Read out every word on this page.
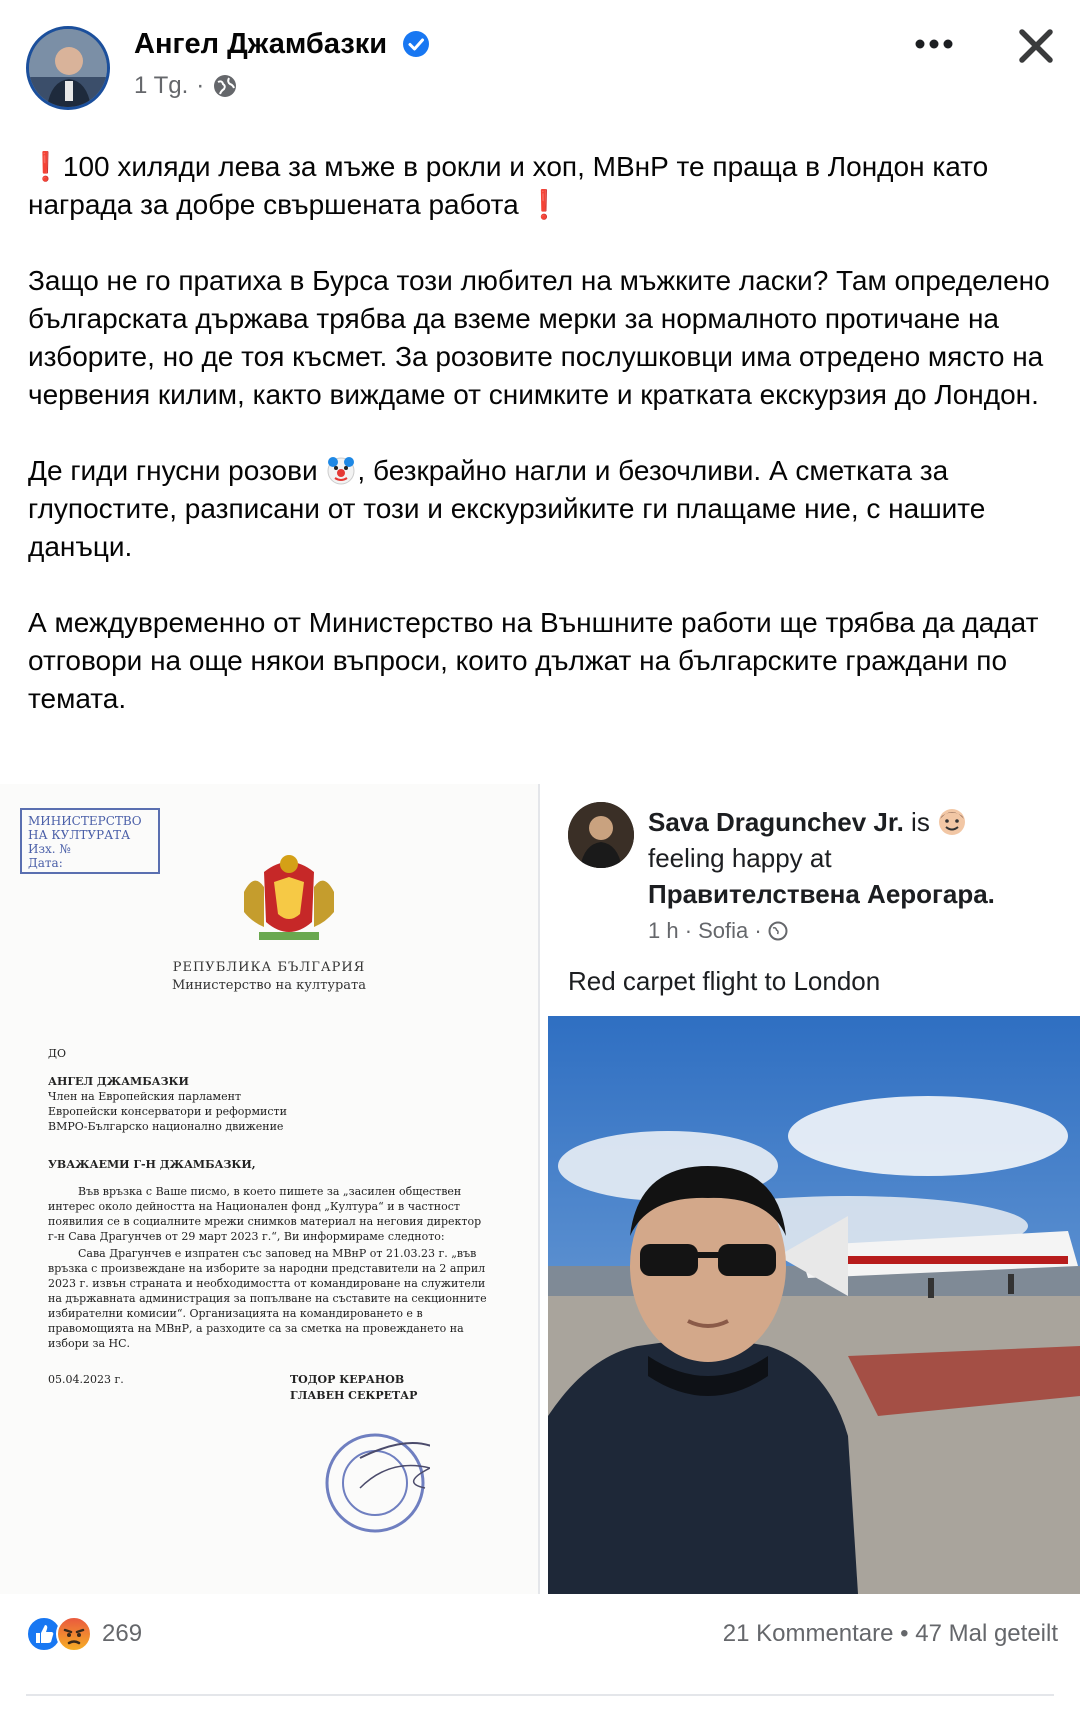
Ангел Джамбазки
1 Tg. ·

❗100 хиляди лева за мъже в рокли и хоп, МВнР те праща в Лондон като награда за добре свършената работа ❗

Защо не го пратиха в Бурса този любител на мъжките ласки? Там определено българската държава трябва да вземе мерки за нормалното протичане на изборите, но де тоя късмет. За розовите послушковци има отредено място на червения килим, както виждаме от снимките и кратката екскурзия до Лондон.

Де гиди гнусни розови , безкрайно нагли и безочливи. А сметката за глупостите, разписани от този и екскурзийките ги плащаме ние, с нашите данъци.

А междувременно от Министерство на Външните работи ще трябва да дадат отговори на още някои въпроси, които дължат на българските граждани по темата.

МИНИСТЕРСТВО
НА КУЛТУРАТА
Изх. №
Дата:
РЕПУБЛИКА БЪЛГАРИЯ
Министерство на културата
ДО
АНГЕЛ ДЖАМБАЗКИ
Член на Европейския парламент
Европейски консерватори и реформисти
ВМРО-Българско национално движение
УВАЖАЕМИ Г-Н ДЖАМБАЗКИ,
Във връзка с Ваше писмо, в което пишете за „засилен обществен интерес около дейността на Национален фонд „Култура“ и в частност появилия се в социалните мрежи снимков материал на неговия директор г-н Сава Драгунчев от 29 март 2023 г.“, Ви информираме следното:
Сава Драгунчев е изпратен със заповед на МВнР от 21.03.23 г. „във връзка с произвеждане на изборите за народни представители на 2 април 2023 г. извън страната и необходимостта от командироване на служители на държавната администрация за попълване на съставите на секционните избирателни комисии“. Организацията на командироването е в правомощията на МВнР, а разходите са за сметка на провеждането на избори за НС.
05.04.2023 г.	ТОДОР КЕРАНОВ
ГЛАВЕН СЕКРЕТАР
Sava Dragunchev Jr. is
feeling happy at
Правителствена Аерогара.
1 h · Sofia ·
Red carpet flight to London
269	21 Kommentare • 47 Mal geteilt
